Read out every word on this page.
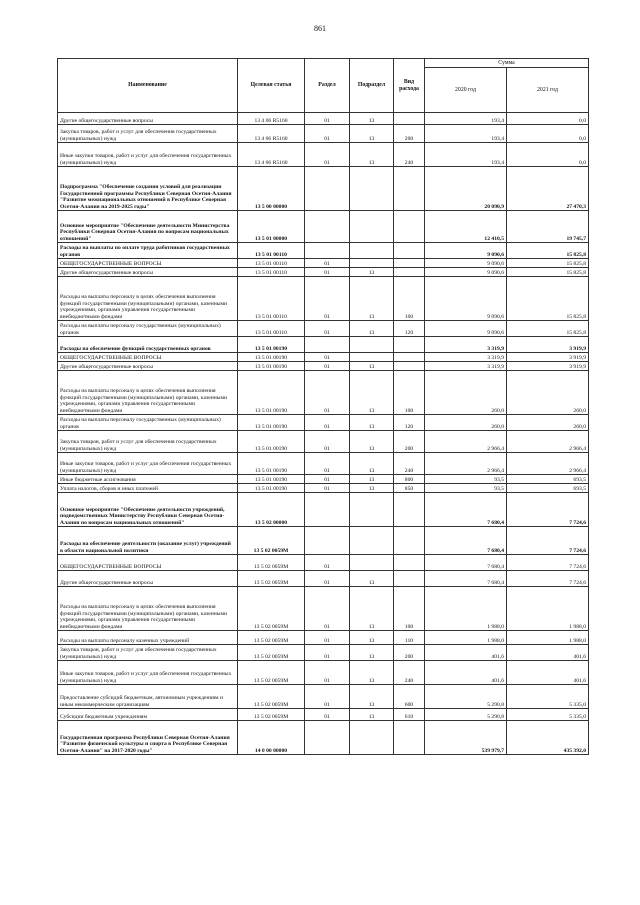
861
Наименование	Целевая статья	Раздел	Подраздел	Вид расхода	Сумма	
					2020 год	2021 год
Другие общегосударственные вопросы	13 4 06 R5160	01	13		193,4	0,0
Закупка товаров, работ и услуг для обеспечения государственных (муниципальных) нужд	13 4 06 R5160	01	13	200	193,4	0,0
Иные закупки товаров, работ и услуг для обеспечения государственных (муниципальных) нужд	13 4 06 R5160	01	13	240	193,4	0,0
Подпрограмма "Обеспечение создания условий для реализации Государственной программы Республики Северная Осетия-Алания "Развитие межнациональных отношений в Республике Северная Осетия-Алания на 2019-2025 годы"	13 5 00 00000				20 090,9	27 470,3
Основное мероприятие "Обеспечение деятельности Министерства Республики Северная Осетия-Алания по вопросам национальных отношений"	13 5 01 00000				12 410,5	19 745,7
Расходы на выплаты по оплате труда работников государственных органов	13 5 01 00110				9 090,6	15 825,8
ОБЩЕГОСУДАРСТВЕННЫЕ ВОПРОСЫ	13 5 01 00110	01			9 090,6	15 825,8
Другие общегосударственные вопросы	13 5 01 00110	01	13		9 090,6	15 825,8
Расходы на выплаты персоналу в целях обеспечения выполнения функций государственными (муниципальными) органами, казенными учреждениями, органами управления государственными внебюджетными фондами	13 5 01 00110	01	13	100	9 090,6	15 825,8
Расходы на выплаты персоналу государственных (муниципальных) органов	13 5 01 00110	01	13	120	9 090,6	15 825,8
Расходы на обеспечение функций государственных органов	13 5 01 00190				3 319,9	3 919,9
ОБЩЕГОСУДАРСТВЕННЫЕ ВОПРОСЫ	13 5 01 00190	01			3 319,9	3 919,9
Другие общегосударственные вопросы	13 5 01 00190	01	13		3 319,9	3 919,9
Расходы на выплаты персоналу в целях обеспечения выполнения функций государственными (муниципальными) органами, казенными учреждениями, органами управления государственными внебюджетными фондами	13 5 01 00190	01	13	100	260,0	260,0
Расходы на выплаты персоналу государственных (муниципальных) органов	13 5 01 00190	01	13	120	260,0	260,0
Закупка товаров, работ и услуг для обеспечения государственных (муниципальных) нужд	13 5 01 00190	01	13	200	2 966,4	2 966,4
Иные закупки товаров, работ и услуг для обеспечения государственных (муниципальных) нужд	13 5 01 00190	01	13	240	2 966,4	2 966,4
Иные бюджетные ассигнования	13 5 01 00190	01	13	800	93,5	693,5
Уплата налогов, сборов и иных платежей	13 5 01 00190	01	13	850	93,5	693,5
Основное мероприятие "Обеспечение деятельности учреждений, подведомственных Министерству Республики Северная Осетия-Алания по вопросам национальных отношений"	13 5 02 00000				7 680,4	7 724,6
Расходы на обеспечение деятельности (оказание услуг) учреждений в области национальной политики	13 5 02 0059М				7 680,4	7 724,6
ОБЩЕГОСУДАРСТВЕННЫЕ ВОПРОСЫ	13 5 02 0059М	01			7 680,4	7 724,6
Другие общегосударственные вопросы	13 5 02 0059М	01	13		7 680,4	7 724,6
Расходы на выплаты персоналу в целях обеспечения выполнения функций государственными (муниципальными) органами, казенными учреждениями, органами управления государственными внебюджетными фондами	13 5 02 0059М	01	13	100	1 988,0	1 988,0
Расходы на выплаты персоналу казенных учреждений	13 5 02 0059М	01	13	110	1 988,0	1 988,0
Закупка товаров, работ и услуг для обеспечения государственных (муниципальных) нужд	13 5 02 0059М	01	13	200	401,6	401,6
Иные закупки товаров, работ и услуг для обеспечения государственных (муниципальных) нужд	13 5 02 0059М	01	13	240	401,6	401,6
Предоставление субсидий бюджетным, автономным учреждениям и иным некоммерческим организациям	13 5 02 0059М	01	13	600	5 290,8	5 335,0
Субсидии бюджетным учреждениям	13 5 02 0059М	01	13	610	5 290,8	5 335,0
Государственная программа Республики Северная Осетия-Алания "Развитие физической культуры и спорта в Республике Северная Осетия-Алания" на 2017-2020 годы"	14 0 00 00000				539 979,7	435 392,0
